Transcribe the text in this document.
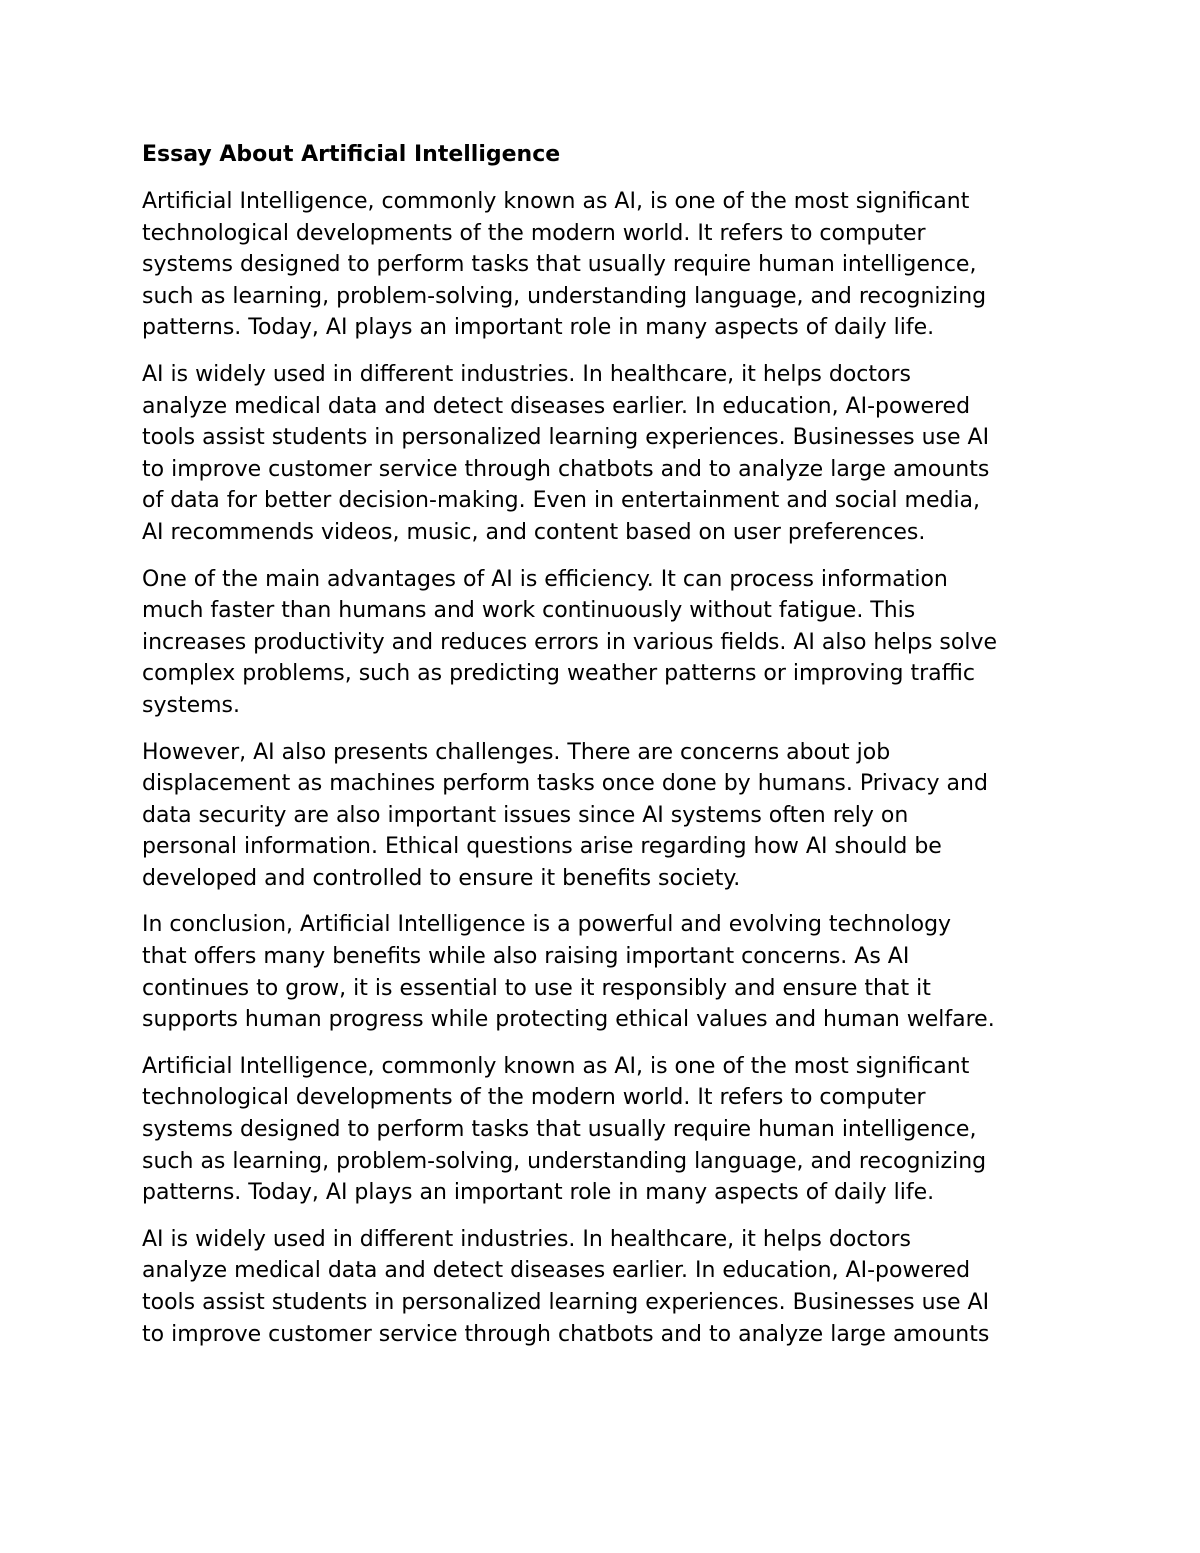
Essay About Artificial Intelligence
Artificial Intelligence, commonly known as AI, is one of the most significant
technological developments of the modern world. It refers to computer
systems designed to perform tasks that usually require human intelligence,
such as learning, problem-solving, understanding language, and recognizing
patterns. Today, AI plays an important role in many aspects of daily life.
AI is widely used in different industries. In healthcare, it helps doctors
analyze medical data and detect diseases earlier. In education, AI-powered
tools assist students in personalized learning experiences. Businesses use AI
to improve customer service through chatbots and to analyze large amounts
of data for better decision-making. Even in entertainment and social media,
AI recommends videos, music, and content based on user preferences.
One of the main advantages of AI is efficiency. It can process information
much faster than humans and work continuously without fatigue. This
increases productivity and reduces errors in various fields. AI also helps solve
complex problems, such as predicting weather patterns or improving traffic
systems.
However, AI also presents challenges. There are concerns about job
displacement as machines perform tasks once done by humans. Privacy and
data security are also important issues since AI systems often rely on
personal information. Ethical questions arise regarding how AI should be
developed and controlled to ensure it benefits society.
In conclusion, Artificial Intelligence is a powerful and evolving technology
that offers many benefits while also raising important concerns. As AI
continues to grow, it is essential to use it responsibly and ensure that it
supports human progress while protecting ethical values and human welfare.
Artificial Intelligence, commonly known as AI, is one of the most significant
technological developments of the modern world. It refers to computer
systems designed to perform tasks that usually require human intelligence,
such as learning, problem-solving, understanding language, and recognizing
patterns. Today, AI plays an important role in many aspects of daily life.
AI is widely used in different industries. In healthcare, it helps doctors
analyze medical data and detect diseases earlier. In education, AI-powered
tools assist students in personalized learning experiences. Businesses use AI
to improve customer service through chatbots and to analyze large amounts
